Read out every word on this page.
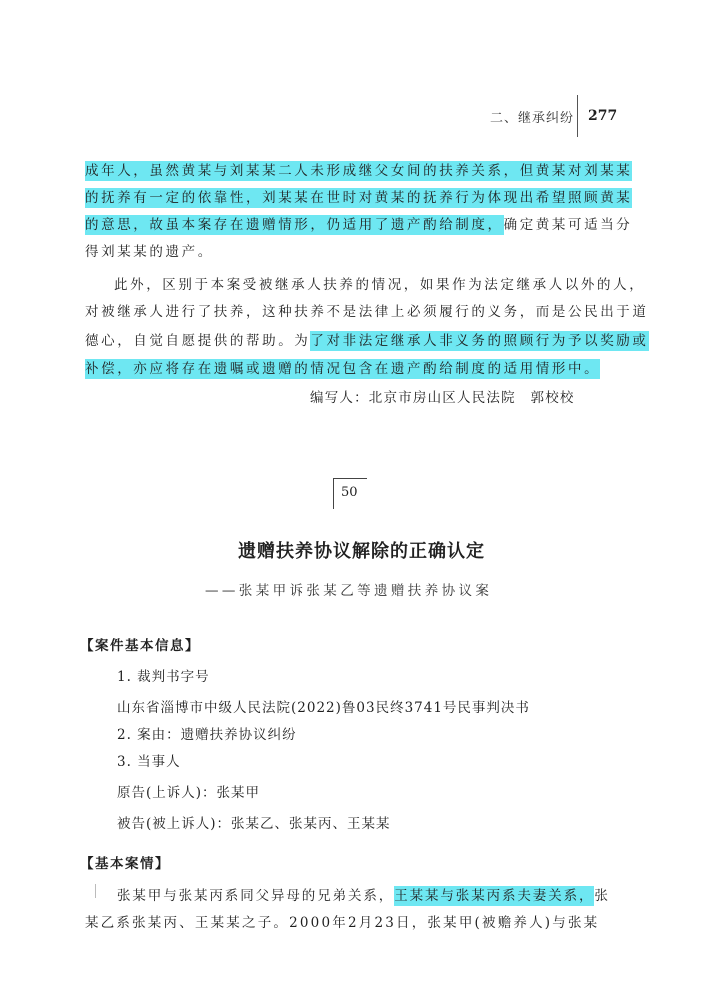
二、继承纠纷 277
成年人，虽然黄某与刘某某二人未形成继父女间的扶养关系，但黄某对刘某某
的抚养有一定的依靠性，刘某某在世时对黄某的抚养行为体现出希望照顾黄某
的意思，故虽本案存在遗赠情形，仍适用了遗产酌给制度，确定黄某可适当分
得刘某某的遗产。
此外，区别于本案受被继承人扶养的情况，如果作为法定继承人以外的人，
对被继承人进行了扶养，这种扶养不是法律上必须履行的义务，而是公民出于道
德心，自觉自愿提供的帮助。为了对非法定继承人非义务的照顾行为予以奖励或
补偿，亦应将存在遗嘱或遗赠的情况包含在遗产酌给制度的适用情形中。
编写人：北京市房山区人民法院　郭校校
50
遗赠扶养协议解除的正确认定
——张某甲诉张某乙等遗赠扶养协议案
【案件基本信息】
1. 裁判书字号
山东省淄博市中级人民法院(2022)鲁03民终3741号民事判决书
2. 案由：遗赠扶养协议纠纷
3. 当事人
原告(上诉人)：张某甲
被告(被上诉人)：张某乙、张某丙、王某某
【基本案情】
张某甲与张某丙系同父异母的兄弟关系，王某某与张某丙系夫妻关系，张
某乙系张某丙、王某某之子。2000年2月23日，张某甲(被赡养人)与张某
